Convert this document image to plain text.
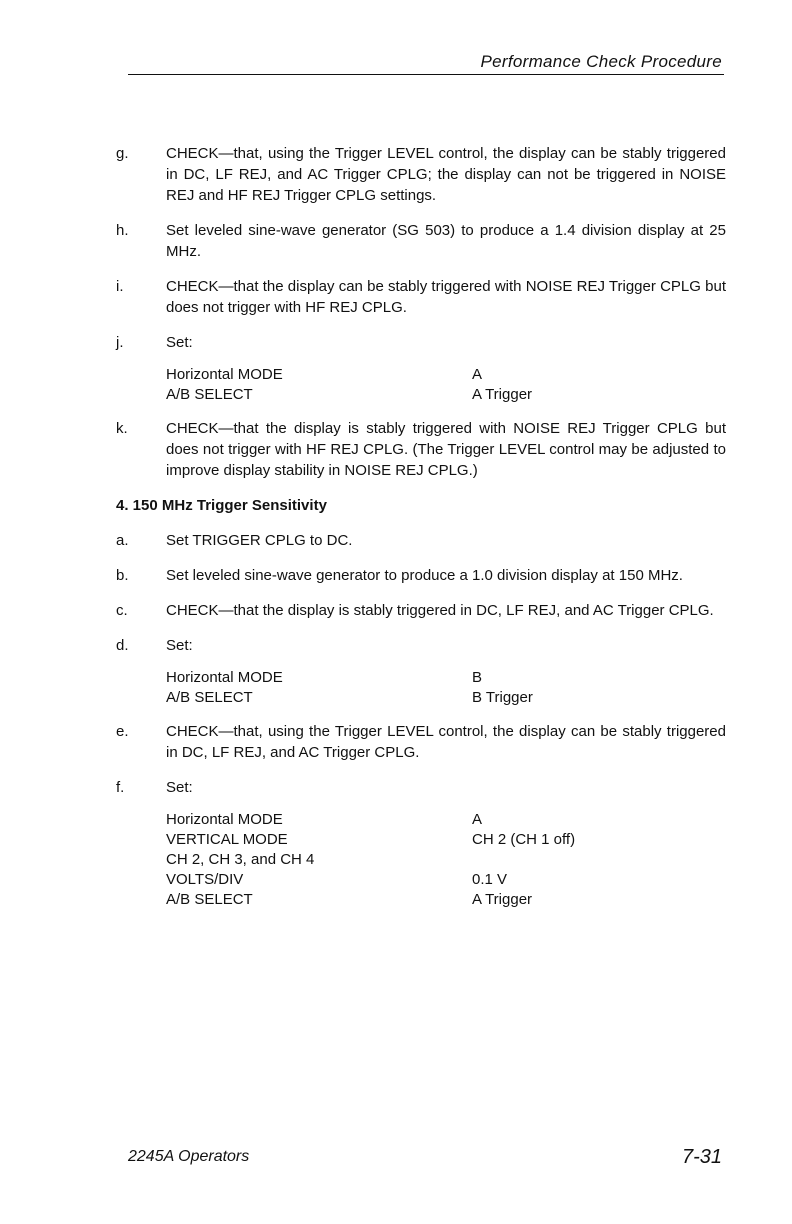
Performance Check Procedure
g.	CHECK—that, using the Trigger LEVEL control, the display can be stably triggered in DC, LF REJ, and AC Trigger CPLG; the display can not be triggered in NOISE REJ and HF REJ Trigger CPLG settings.
h.	Set leveled sine-wave generator (SG 503) to produce a 1.4 division display at 25 MHz.
i.	CHECK—that the display can be stably triggered with NOISE REJ Trigger CPLG but does not trigger with HF REJ CPLG.
j.	Set:
Horizontal MODE	A
A/B SELECT	A Trigger
k.	CHECK—that the display is stably triggered with NOISE REJ Trigger CPLG but does not trigger with HF REJ CPLG. (The Trigger LEVEL control may be adjusted to improve display stability in NOISE REJ CPLG.)
4. 150 MHz Trigger Sensitivity
a.	Set TRIGGER CPLG to DC.
b.	Set leveled sine-wave generator to produce a 1.0 division display at 150 MHz.
c.	CHECK—that the display is stably triggered in DC, LF REJ, and AC Trigger CPLG.
d.	Set:
Horizontal MODE	B
A/B SELECT	B Trigger
e.	CHECK—that, using the Trigger LEVEL control, the display can be stably triggered in DC, LF REJ, and AC Trigger CPLG.
f.	Set:
Horizontal MODE	A
VERTICAL MODE	CH 2 (CH 1 off)
CH 2, CH 3, and CH 4
VOLTS/DIV	0.1 V
A/B SELECT	A Trigger
2245A Operators	7-31
